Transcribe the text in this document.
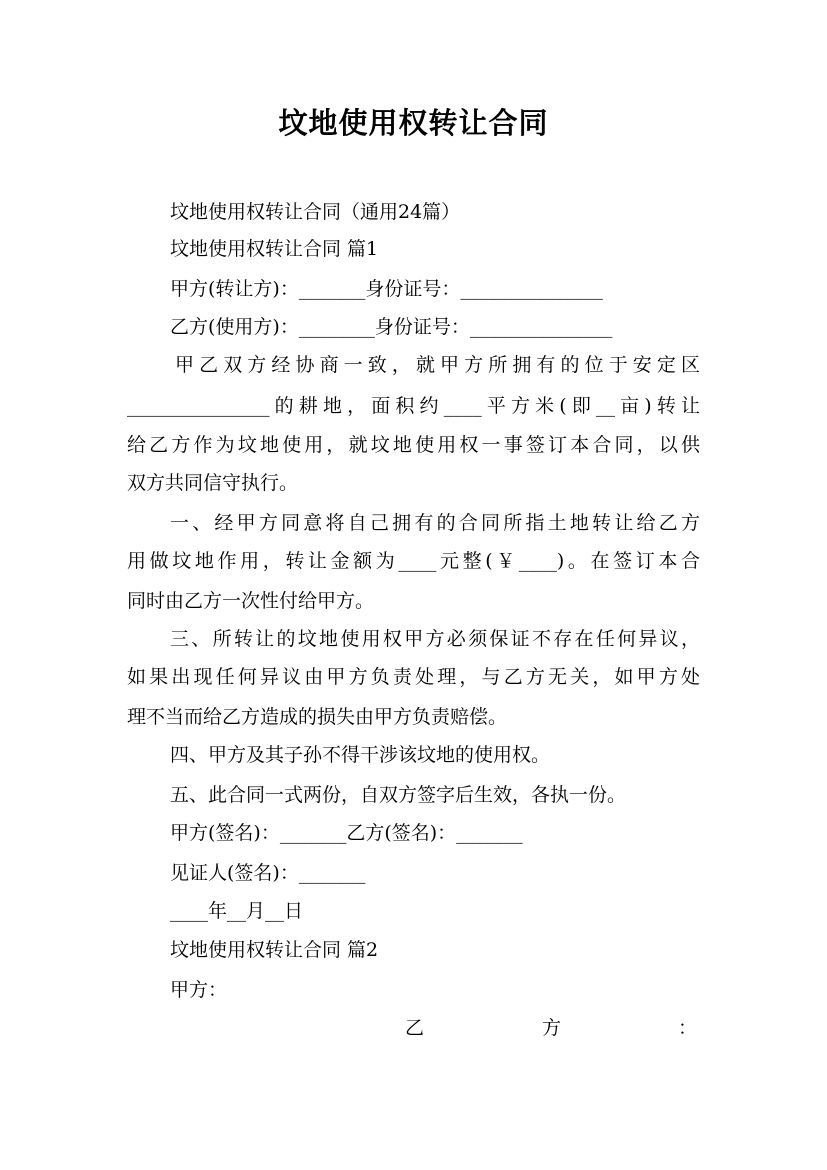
坟地使用权转让合同
坟地使用权转让合同（通用24篇）
坟地使用权转让合同 篇1
甲方(转让方)：_______身份证号：_______________
乙方(使用方)：________身份证号：_______________
甲乙双方经协商一致，就甲方所拥有的位于安定区
_______________的耕地，面积约____平方米(即__亩)转让
给乙方作为坟地使用，就坟地使用权一事签订本合同，以供
双方共同信守执行。
一、经甲方同意将自己拥有的合同所指土地转让给乙方
用做坟地作用，转让金额为____元整(￥____)。在签订本合
同时由乙方一次性付给甲方。
三、所转让的坟地使用权甲方必须保证不存在任何异议，
如果出现任何异议由甲方负责处理，与乙方无关，如甲方处
理不当而给乙方造成的损失由甲方负责赔偿。
四、甲方及其子孙不得干涉该坟地的使用权。
五、此合同一式两份，自双方签字后生效，各执一份。
甲方(签名)：_______乙方(签名)：_______
见证人(签名)：_______
____年__月__日
坟地使用权转让合同 篇2
甲方：
乙	方	：
